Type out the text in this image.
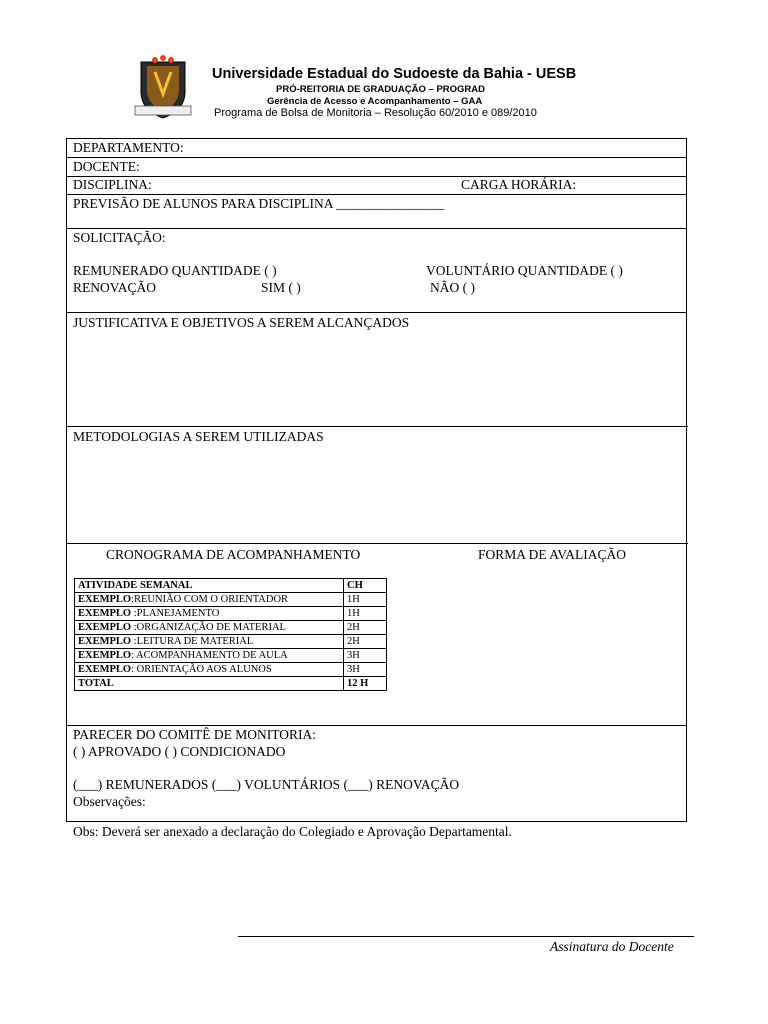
Universidade Estadual do Sudoeste da Bahia - UESB
PRÓ-REITORIA DE GRADUAÇÃO – PROGRAD
Gerência de Acesso e Acompanhamento – GAA
Programa de Bolsa de Monitoria – Resolução 60/2010 e 089/2010
DEPARTAMENTO:
DOCENTE:
DISCIPLINA:	CARGA HORÁRIA:
PREVISÃO DE ALUNOS PARA DISCIPLINA ________________
SOLICITAÇÃO:
REMUNERADO QUANTIDADE ( )	VOLUNTÁRIO QUANTIDADE ( )
RENOVAÇÃO	SIM ( )	NÃO ( )
JUSTIFICATIVA E OBJETIVOS A SEREM ALCANÇADOS
METODOLOGIAS A SEREM UTILIZADAS
CRONOGRAMA DE ACOMPANHAMENTO	FORMA DE AVALIAÇÃO
ATIVIDADE SEMANAL	CH
EXEMPLO:REUNIÃO COM O ORIENTADOR	1H
EXEMPLO :PLANEJAMENTO	1H
EXEMPLO :ORGANIZAÇÃO DE MATERIAL	2H
EXEMPLO :LEITURA DE MATERIAL	2H
EXEMPLO: ACOMPANHAMENTO DE AULA	3H
EXEMPLO: ORIENTAÇÃO AOS ALUNOS	3H
TOTAL	12 H
PARECER DO COMITÊ DE MONITORIA:
( ) APROVADO ( ) CONDICIONADO
(___) REMUNERADOS (___) VOLUNTÁRIOS (___) RENOVAÇÃO
Observações:
Obs: Deverá ser anexado a declaração do Colegiado e Aprovação Departamental.
Assinatura do Docente
